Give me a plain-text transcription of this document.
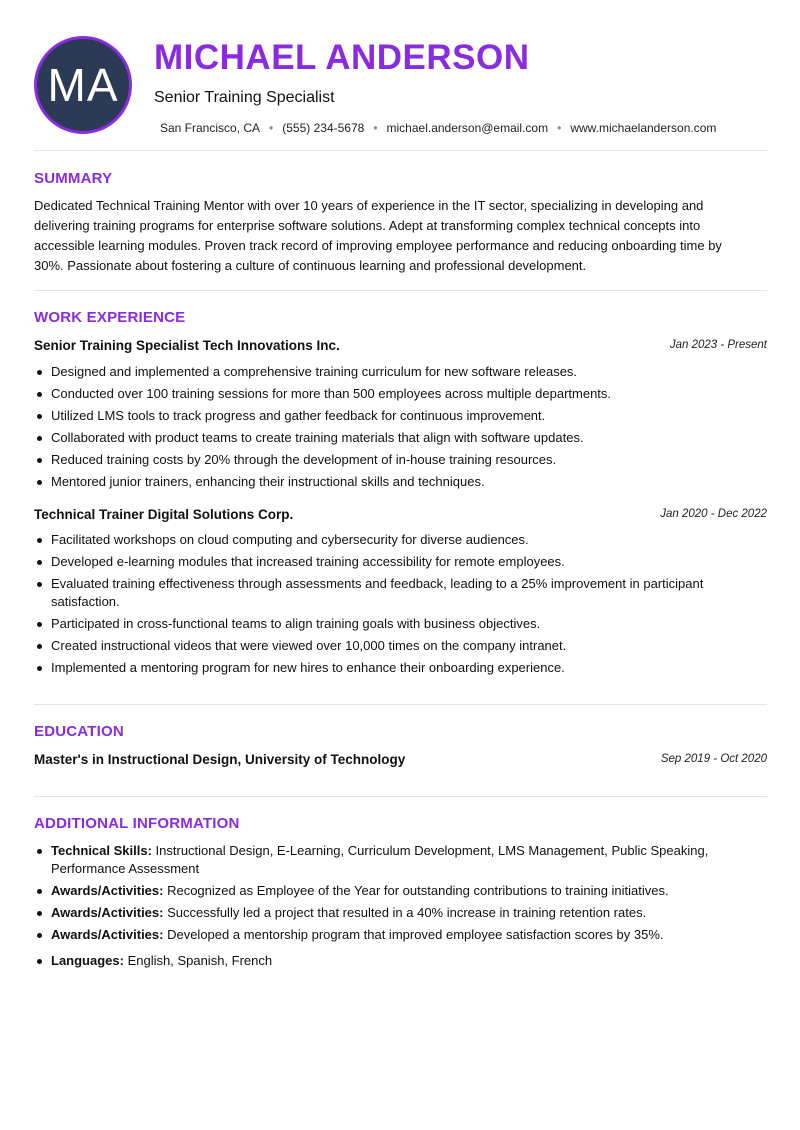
MA
MICHAEL ANDERSON
Senior Training Specialist
San Francisco, CA • (555) 234-5678 • michael.anderson@email.com • www.michaelanderson.com
SUMMARY
Dedicated Technical Training Mentor with over 10 years of experience in the IT sector, specializing in developing and delivering training programs for enterprise software solutions. Adept at transforming complex technical concepts into accessible learning modules. Proven track record of improving employee performance and reducing onboarding time by 30%. Passionate about fostering a culture of continuous learning and professional development.
WORK EXPERIENCE
Senior Training Specialist Tech Innovations Inc.	Jan 2023 - Present
Designed and implemented a comprehensive training curriculum for new software releases.
Conducted over 100 training sessions for more than 500 employees across multiple departments.
Utilized LMS tools to track progress and gather feedback for continuous improvement.
Collaborated with product teams to create training materials that align with software updates.
Reduced training costs by 20% through the development of in-house training resources.
Mentored junior trainers, enhancing their instructional skills and techniques.
Technical Trainer Digital Solutions Corp.	Jan 2020 - Dec 2022
Facilitated workshops on cloud computing and cybersecurity for diverse audiences.
Developed e-learning modules that increased training accessibility for remote employees.
Evaluated training effectiveness through assessments and feedback, leading to a 25% improvement in participant satisfaction.
Participated in cross-functional teams to align training goals with business objectives.
Created instructional videos that were viewed over 10,000 times on the company intranet.
Implemented a mentoring program for new hires to enhance their onboarding experience.
EDUCATION
Master's in Instructional Design, University of Technology	Sep 2019 - Oct 2020
ADDITIONAL INFORMATION
Technical Skills: Instructional Design, E-Learning, Curriculum Development, LMS Management, Public Speaking, Performance Assessment
Awards/Activities: Recognized as Employee of the Year for outstanding contributions to training initiatives.
Awards/Activities: Successfully led a project that resulted in a 40% increase in training retention rates.
Awards/Activities: Developed a mentorship program that improved employee satisfaction scores by 35%.
Languages: English, Spanish, French
